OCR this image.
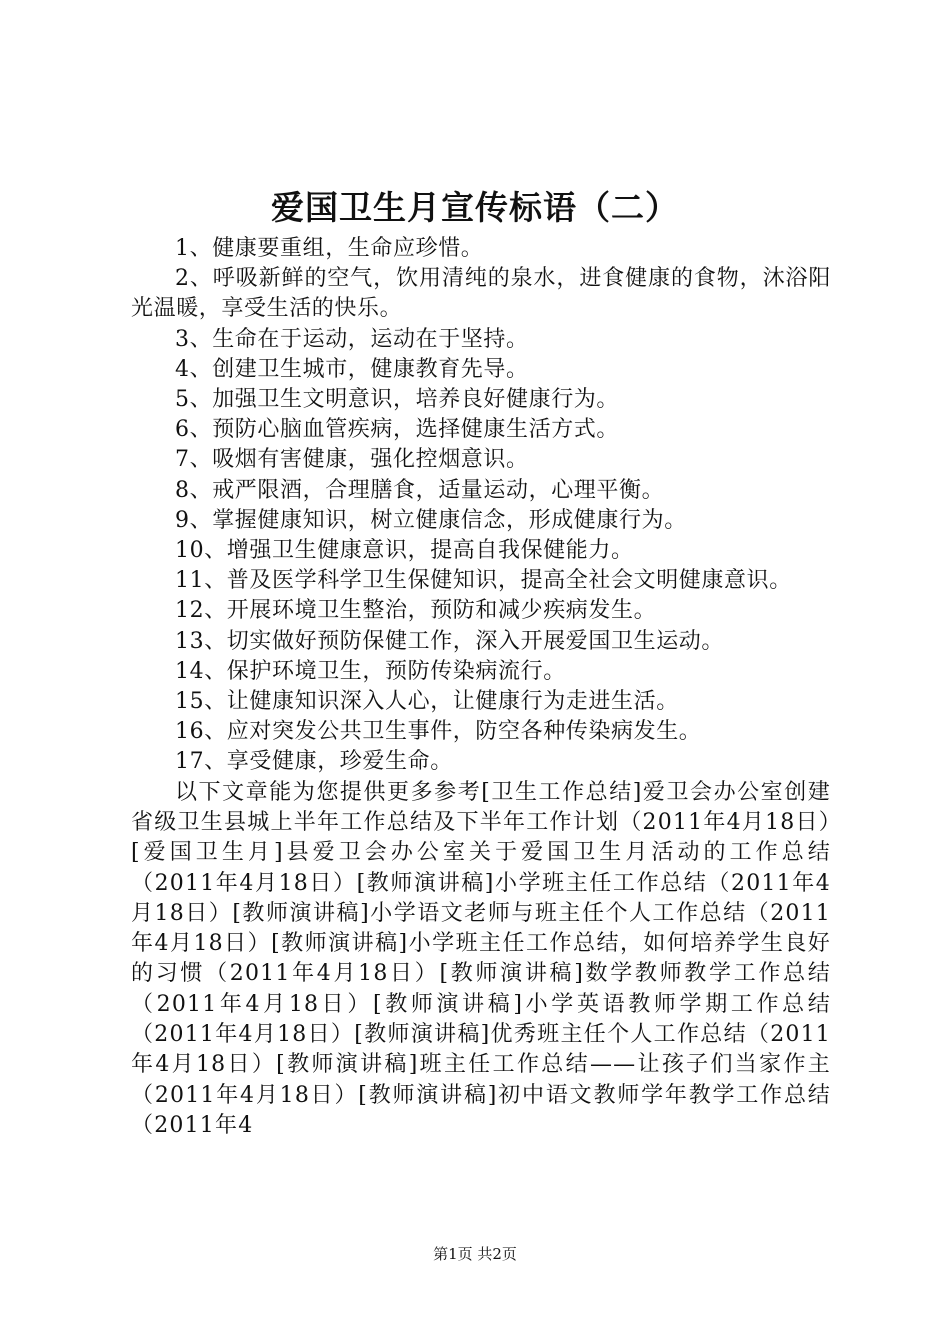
爱国卫生月宣传标语（二）

1、健康要重组，生命应珍惜。

2、呼吸新鲜的空气，饮用清纯的泉水，进食健康的食物，沐浴阳光温暖，享受生活的快乐。

3、生命在于运动，运动在于坚持。

4、创建卫生城市，健康教育先导。

5、加强卫生文明意识，培养良好健康行为。

6、预防心脑血管疾病，选择健康生活方式。

7、吸烟有害健康，强化控烟意识。

8、戒严限酒，合理膳食，适量运动，心理平衡。

9、掌握健康知识，树立健康信念，形成健康行为。

10、增强卫生健康意识，提高自我保健能力。

11、普及医学科学卫生保健知识，提高全社会文明健康意识。

12、开展环境卫生整治，预防和减少疾病发生。

13、切实做好预防保健工作，深入开展爱国卫生运动。

14、保护环境卫生，预防传染病流行。

15、让健康知识深入人心，让健康行为走进生活。

16、应对突发公共卫生事件，防空各种传染病发生。

17、享受健康，珍爱生命。

以下文章能为您提供更多参考[卫生工作总结]爱卫会办公室创建省级卫生县城上半年工作总结及下半年工作计划（2011年4月18日）[爱国卫生月]县爱卫会办公室关于爱国卫生月活动的工作总结（2011年4月18日）[教师演讲稿]小学班主任工作总结（2011年4月18日）[教师演讲稿]小学语文老师与班主任个人工作总结（2011年4月18日）[教师演讲稿]小学班主任工作总结，如何培养学生良好的习惯（2011年4月18日）[教师演讲稿]数学教师教学工作总结（2011年4月18日）[教师演讲稿]小学英语教师学期工作总结（2011年4月18日）[教师演讲稿]优秀班主任个人工作总结（2011年4月18日）[教师演讲稿]班主任工作总结——让孩子们当家作主（2011年4月18日）[教师演讲稿]初中语文教师学年教学工作总结（2011年4

第1页 共2页
